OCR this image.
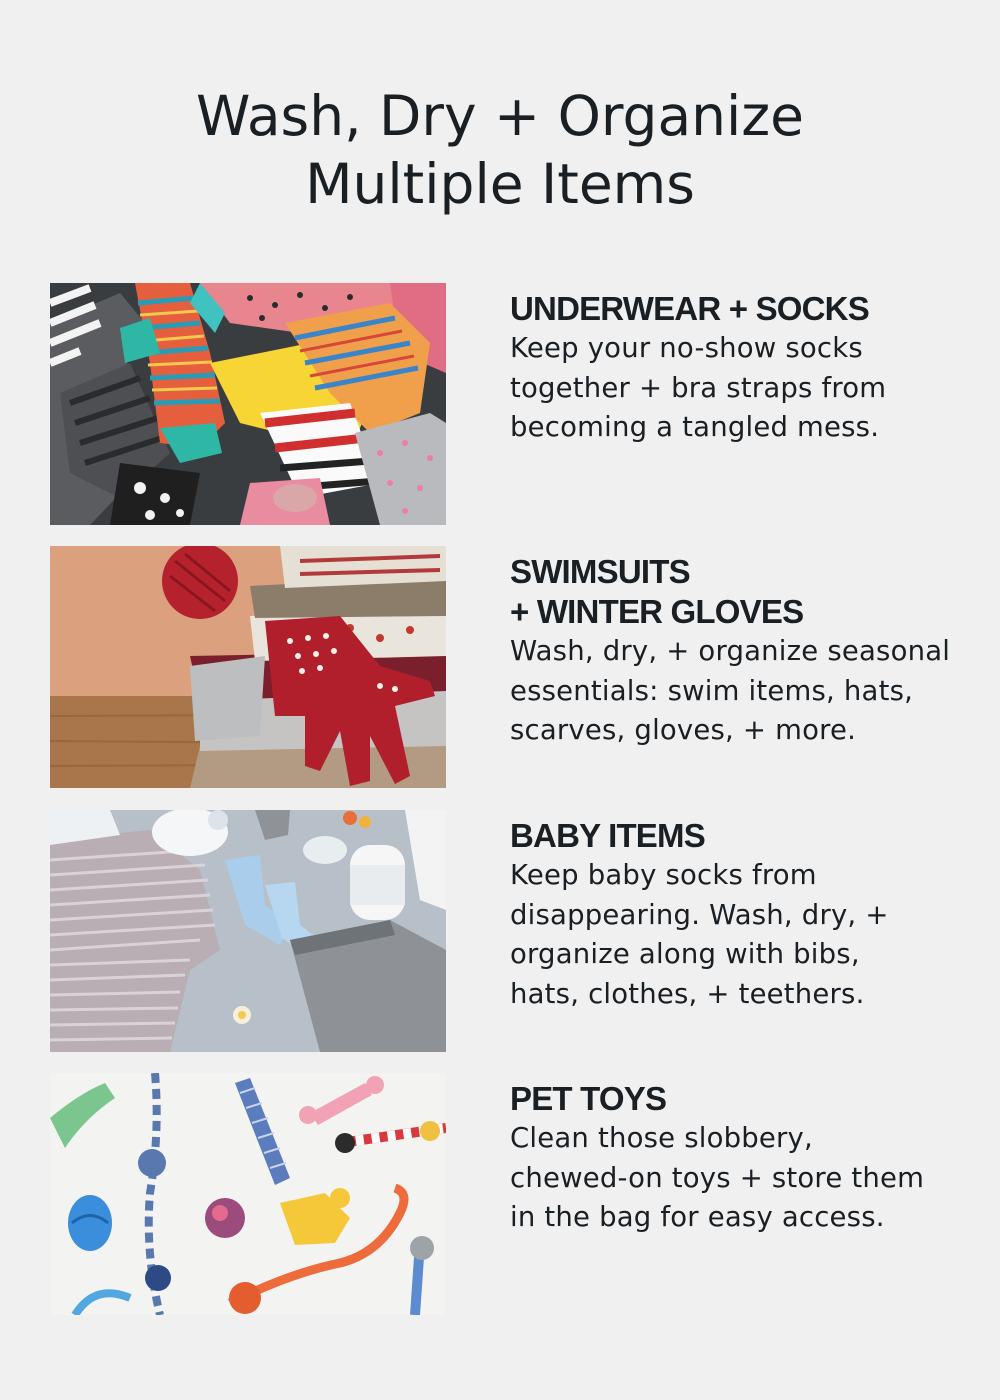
Wash, Dry + Organize
Multiple Items
UNDERWEAR + SOCKS

Keep your no-show socks
together + bra straps from
becoming a tangled mess.

SWIMSUITS
+ WINTER GLOVES

Wash, dry, + organize seasonal
essentials: swim items, hats,
scarves, gloves, + more.

BABY ITEMS

Keep baby socks from
disappearing. Wash, dry, +
organize along with bibs,
hats, clothes, + teethers.

PET TOYS

Clean those slobbery,
chewed-on toys + store them
in the bag for easy access.
